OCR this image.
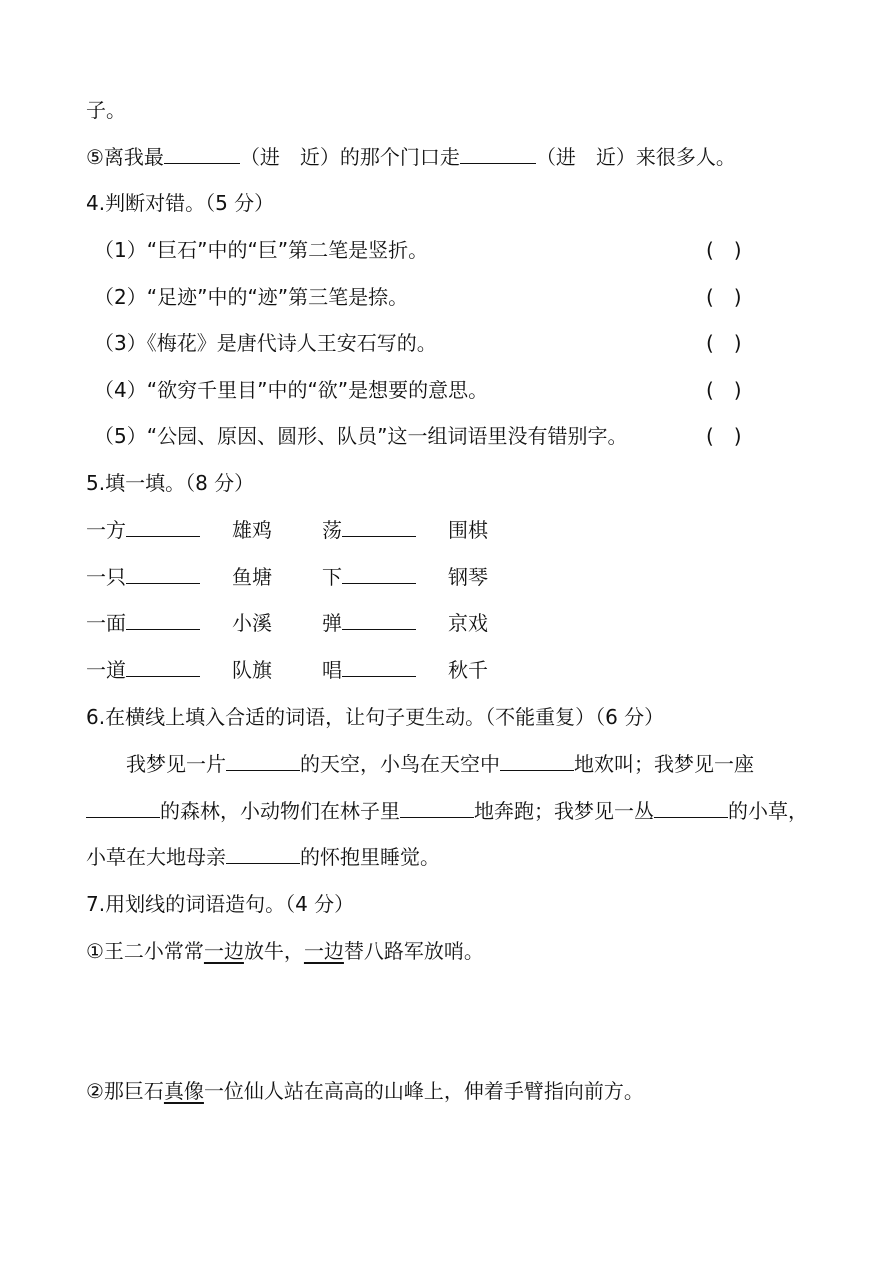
子。
⑤离我最	（进　近）的那个门口走	（进　近）来很多人。
4.判断对错。（5 分）
（1）“巨石”中的“巨”第二笔是竖折。	(　)
（2）“足迹”中的“迹”第三笔是捺。	(　)
（3）《梅花》是唐代诗人王安石写的。	(　)
（4）“欲穷千里目”中的“欲”是想要的意思。	(　)
（5）“公园、原因、圆形、队员”这一组词语里没有错别字。	(　)
5.填一填。（8 分）
一方	雄鸡	荡	围棋
一只	鱼塘	下	钢琴
一面	小溪	弹	京戏
一道	队旗	唱	秋千
6.在横线上填入合适的词语，让句子更生动。（不能重复）（6 分）
我梦见一片	的天空，小鸟在天空中	地欢叫；我梦见一座
的森林，小动物们在林子里	地奔跑；我梦见一丛	的小草，
小草在大地母亲	的怀抱里睡觉。
7.用划线的词语造句。（4 分）
①王二小常常一边放牛，一边替八路军放哨。
②那巨石真像一位仙人站在高高的山峰上，伸着手臂指向前方。
